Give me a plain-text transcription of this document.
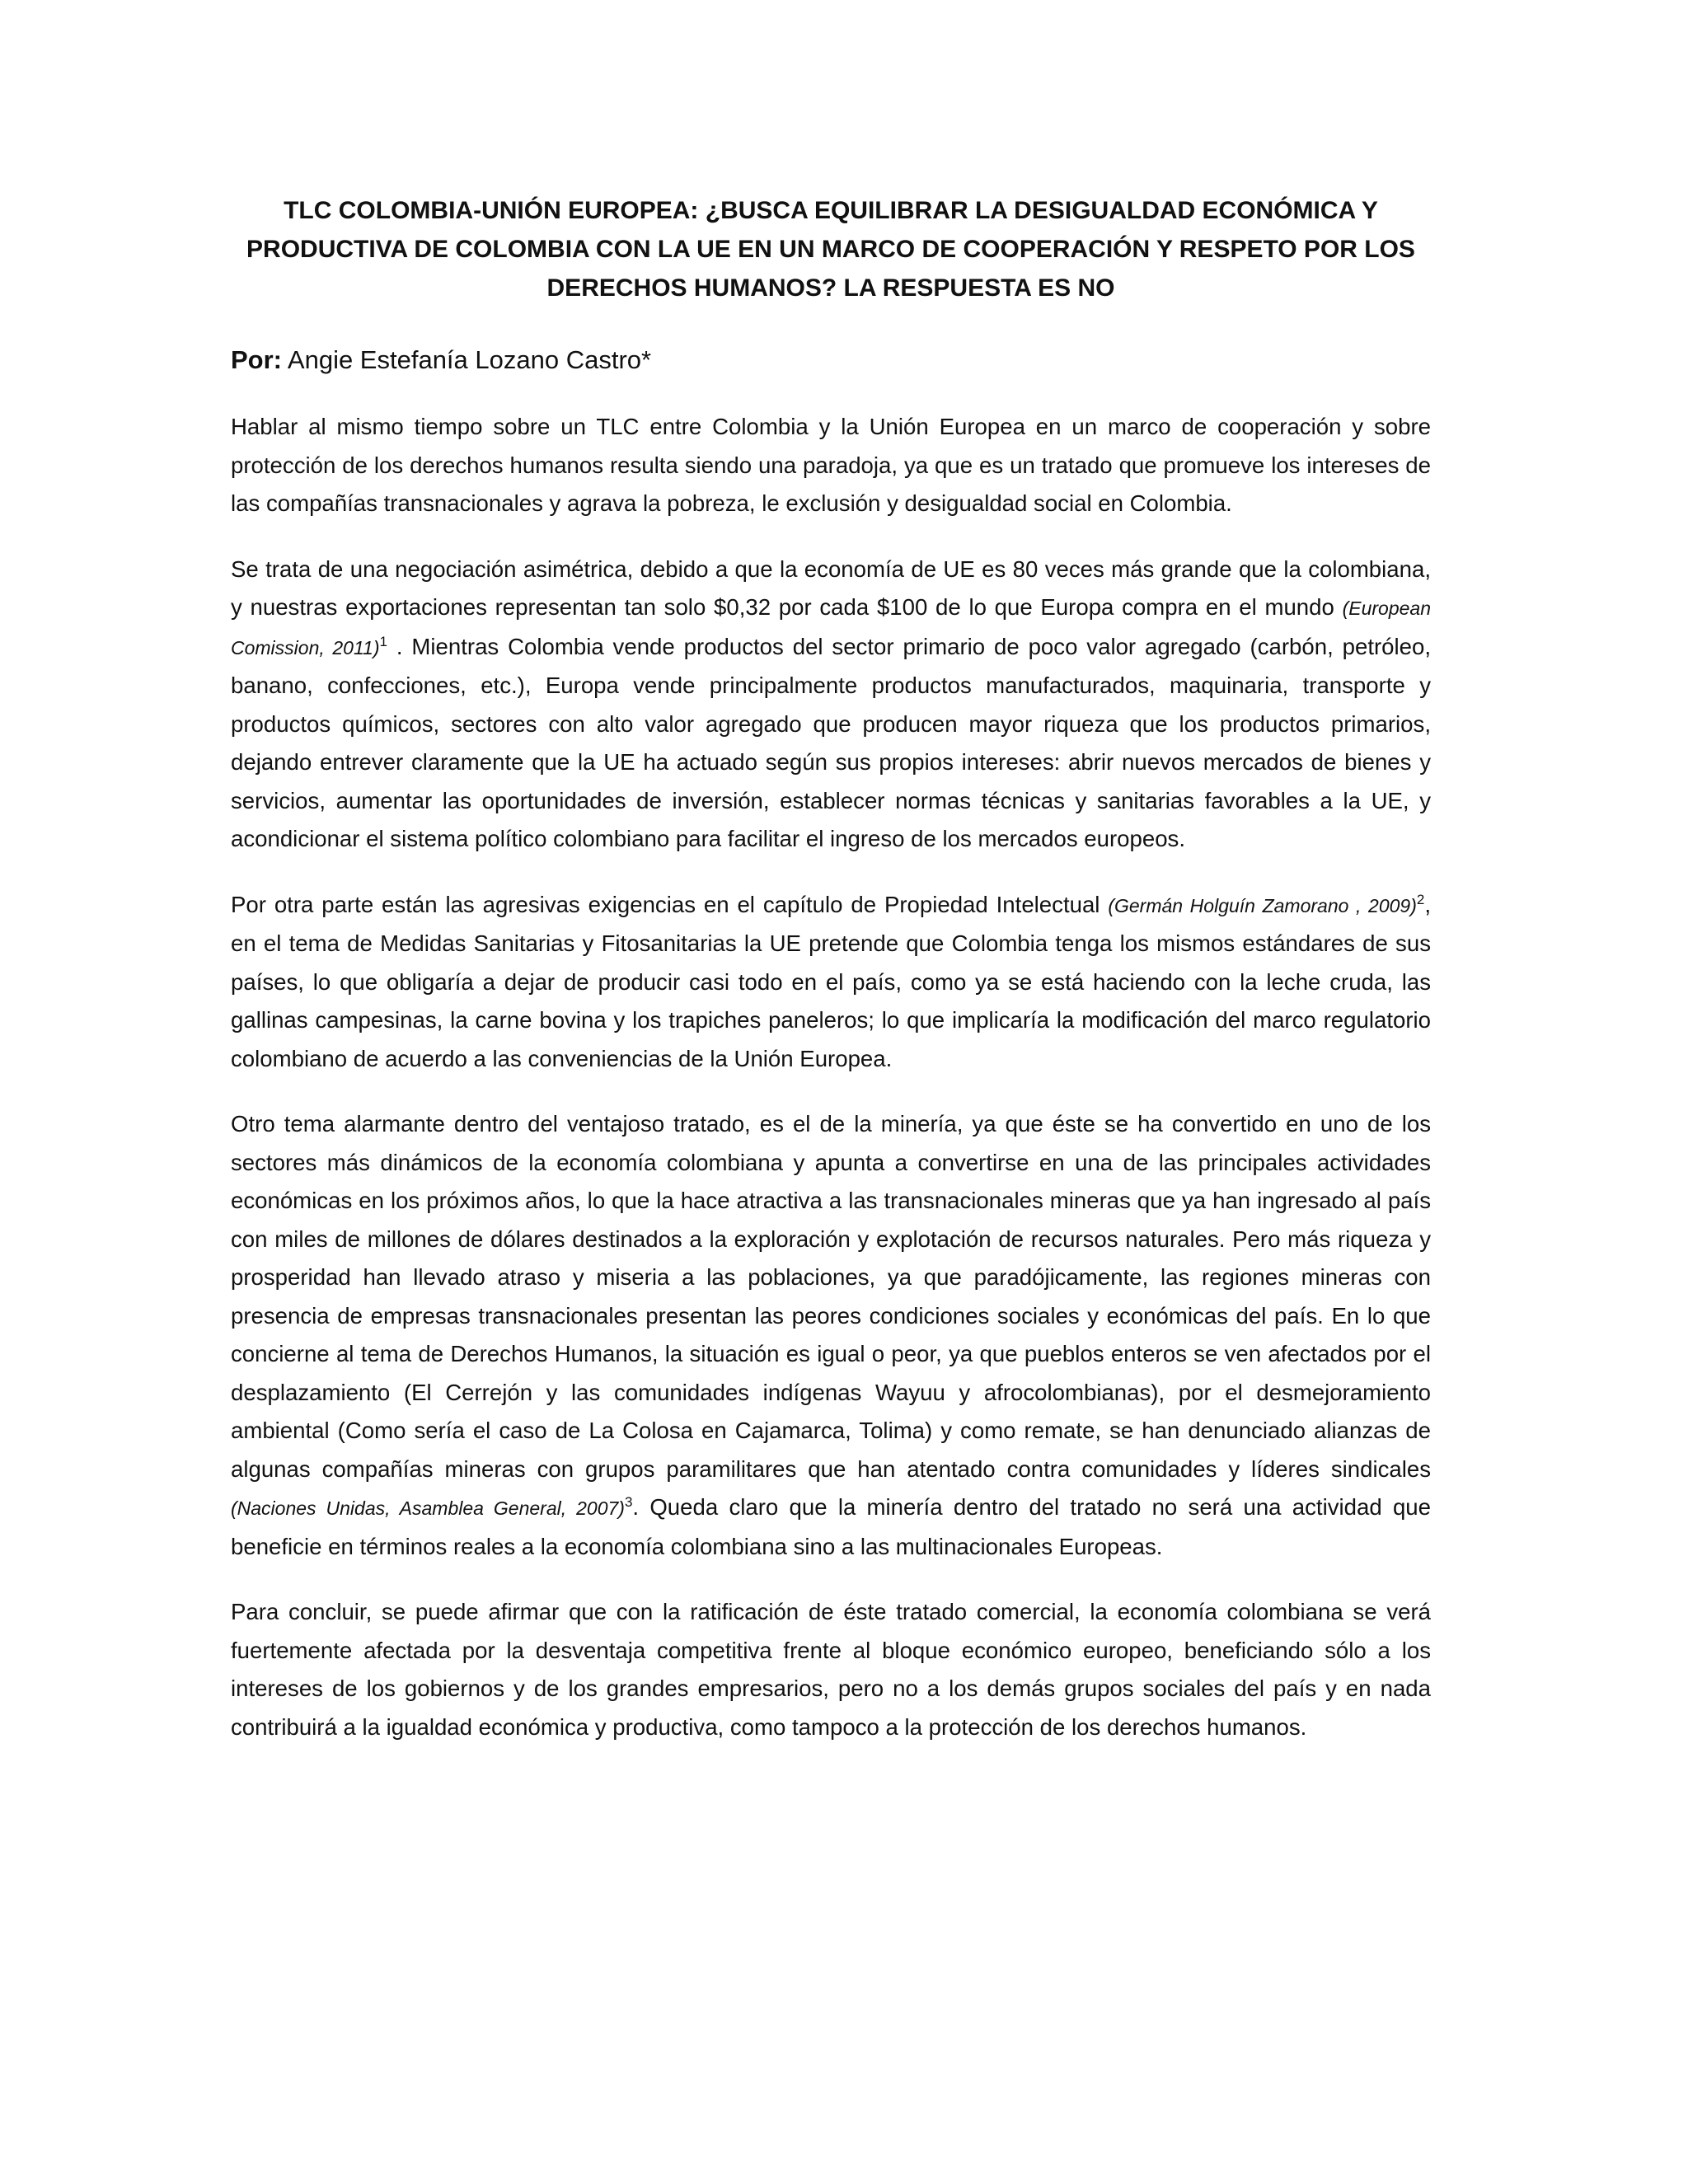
TLC COLOMBIA-UNIÓN EUROPEA: ¿BUSCA EQUILIBRAR LA DESIGUALDAD ECONÓMICA Y
PRODUCTIVA DE COLOMBIA CON LA UE EN UN MARCO DE COOPERACIÓN Y RESPETO POR LOS
DERECHOS HUMANOS? LA RESPUESTA ES NO

Por: Angie Estefanía Lozano Castro*

Hablar al mismo tiempo sobre un TLC entre Colombia y la Unión Europea en un marco de cooperación y sobre protección de los derechos humanos resulta siendo una paradoja, ya que es un tratado que promueve los intereses de las compañías transnacionales y agrava la pobreza, le exclusión y desigualdad social en Colombia.

Se trata de una negociación asimétrica, debido a que la economía de UE es 80 veces más grande que la colombiana, y nuestras exportaciones representan tan solo $0,32 por cada $100 de lo que Europa compra en el mundo (European Comission, 2011)$^1$ . Mientras Colombia vende productos del sector primario de poco valor agregado (carbón, petróleo, banano, confecciones, etc.), Europa vende principalmente productos manufacturados, maquinaria, transporte y productos químicos, sectores con alto valor agregado que producen mayor riqueza que los productos primarios, dejando entrever claramente que la UE ha actuado según sus propios intereses: abrir nuevos mercados de bienes y servicios, aumentar las oportunidades de inversión, establecer normas técnicas y sanitarias favorables a la UE, y acondicionar el sistema político colombiano para facilitar el ingreso de los mercados europeos.

Por otra parte están las agresivas exigencias en el capítulo de Propiedad Intelectual (Germán Holguín Zamorano , 2009)$^2$, en el tema de Medidas Sanitarias y Fitosanitarias la UE pretende que Colombia tenga los mismos estándares de sus países, lo que obligaría a dejar de producir casi todo en el país, como ya se está haciendo con la leche cruda, las gallinas campesinas, la carne bovina y los trapiches paneleros; lo que implicaría la modificación del marco regulatorio colombiano de acuerdo a las conveniencias de la Unión Europea.

Otro tema alarmante dentro del ventajoso tratado, es el de la minería, ya que éste se ha convertido en uno de los sectores más dinámicos de la economía colombiana y apunta a convertirse en una de las principales actividades económicas en los próximos años, lo que la hace atractiva a las transnacionales mineras que ya han ingresado al país con miles de millones de dólares destinados a la exploración y explotación de recursos naturales. Pero más riqueza y prosperidad han llevado atraso y miseria a las poblaciones, ya que paradójicamente, las regiones mineras con presencia de empresas transnacionales presentan las peores condiciones sociales y económicas del país. En lo que concierne al tema de Derechos Humanos, la situación es igual o peor, ya que pueblos enteros se ven afectados por el desplazamiento (El Cerrejón y las comunidades indígenas Wayuu y afrocolombianas), por el desmejoramiento ambiental (Como sería el caso de La Colosa en Cajamarca, Tolima) y como remate, se han denunciado alianzas de algunas compañías mineras con grupos paramilitares que han atentado contra comunidades y líderes sindicales (Naciones Unidas, Asamblea General, 2007)$^3$. Queda claro que la minería dentro del tratado no será una actividad que beneficie en términos reales a la economía colombiana sino a las multinacionales Europeas.

Para concluir, se puede afirmar que con la ratificación de éste tratado comercial, la economía colombiana se verá fuertemente afectada por la desventaja competitiva frente al bloque económico europeo, beneficiando sólo a los intereses de los gobiernos y de los grandes empresarios, pero no a los demás grupos sociales del país y en nada contribuirá a la igualdad económica y productiva, como tampoco a la protección de los derechos humanos.
